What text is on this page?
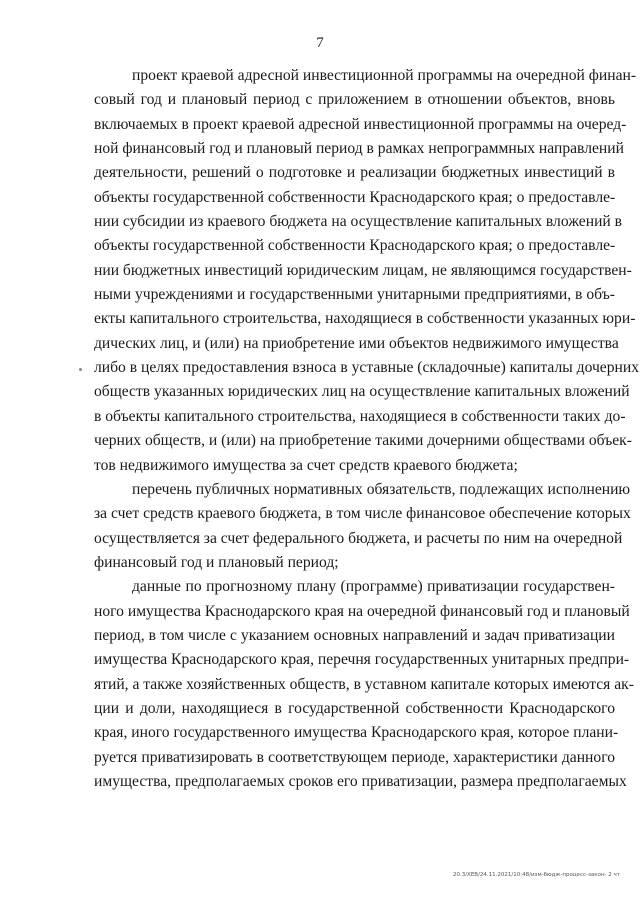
7
проект краевой адресной инвестиционной программы на очередной финан-
совый год и плановый период с приложением в отношении объектов, вновь
включаемых в проект краевой адресной инвестиционной программы на очеред-
ной финансовый год и плановый период в рамках непрограммных направлений
деятельности, решений о подготовке и реализации бюджетных инвестиций в
объекты государственной собственности Краснодарского края; о предоставле-
нии субсидии из краевого бюджета на осуществление капитальных вложений в
объекты государственной собственности Краснодарского края; о предоставле-
нии бюджетных инвестиций юридическим лицам, не являющимся государствен-
ными учреждениями и государственными унитарными предприятиями, в объ-
екты капитального строительства, находящиеся в собственности указанных юри-
дических лиц, и (или) на приобретение ими объектов недвижимого имущества
либо в целях предоставления взноса в уставные (складочные) капиталы дочерних
обществ указанных юридических лиц на осуществление капитальных вложений
в объекты капитального строительства, находящиеся в собственности таких до-
черних обществ, и (или) на приобретение такими дочерними обществами объек-
тов недвижимого имущества за счет средств краевого бюджета;
перечень публичных нормативных обязательств, подлежащих исполнению
за счет средств краевого бюджета, в том числе финансовое обеспечение которых
осуществляется за счет федерального бюджета, и расчеты по ним на очередной
финансовый год и плановый период;
данные по прогнозному плану (программе) приватизации государствен-
ного имущества Краснодарского края на очередной финансовый год и плановый
период, в том числе с указанием основных направлений и задач приватизации
имущества Краснодарского края, перечня государственных унитарных предпри-
ятий, а также хозяйственных обществ, в уставном капитале которых имеются ак-
ции и доли, находящиеся в государственной собственности Краснодарского
края, иного государственного имущества Краснодарского края, которое плани-
руется приватизировать в соответствующем периоде, характеристики данного
имущества, предполагаемых сроков его приватизации, размера предполагаемых
20.3/ХЕВ/24.11.2021/10:48/изм-бюдж-процесс-закон- 2 чт
